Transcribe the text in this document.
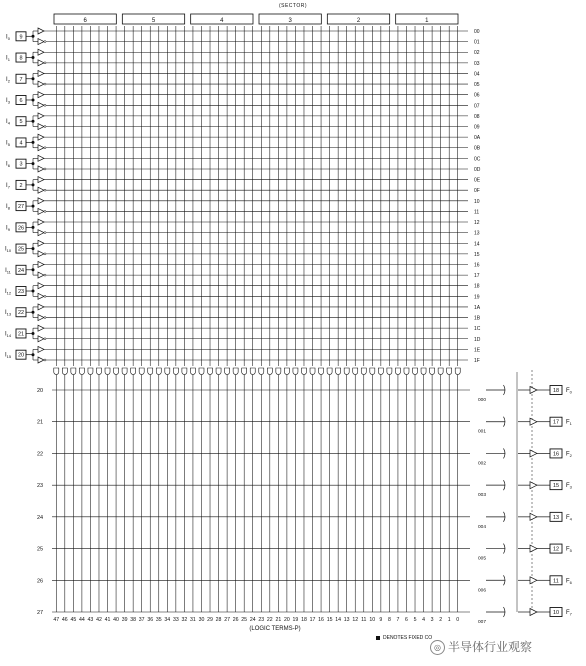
6	5	4	3	2	1
47 46 45 44 43 42 41 40 39 38 37 36 35 34 33 32 31 30 29 28 27 26 25 24 23 22 21 20 19 18 17 16 15 14 13 12 11 10 9 8 7 6 5 4 3 2 1 0
00
01
02
03
04
05
06
07
08
09
0A
0B
0C
0D
0E
0F
10
11
12
13
14
15
16
17
18
19
1A
1B
1C
1D
1E
1F
$I_0$ 9
$I_1$ 8
$I_2$ 7
$I_3$ 6
$I_4$ 5
$I_5$ 4
$I_6$ 3
$I_7$ 2
$I_8$ 27
$I_9$ 26
$I_{10}$ 25
$I_{11}$ 24
$I_{12}$ 23
$I_{13}$ 22
$I_{14}$ 21
$I_{15}$ 20
20
21
22
23
24
25
26
27
000
18 $F_0$
001
17 $F_1$
002
16 $F_2$
003
15 $F_3$
004
13 $F_4$
005
12 $F_5$
006
11 $F_6$
007
10 $F_7$
(SECTOR)
(LOGIC TERMS-P)
DENOTES FIXED CO
◎ 半导体行业观察
